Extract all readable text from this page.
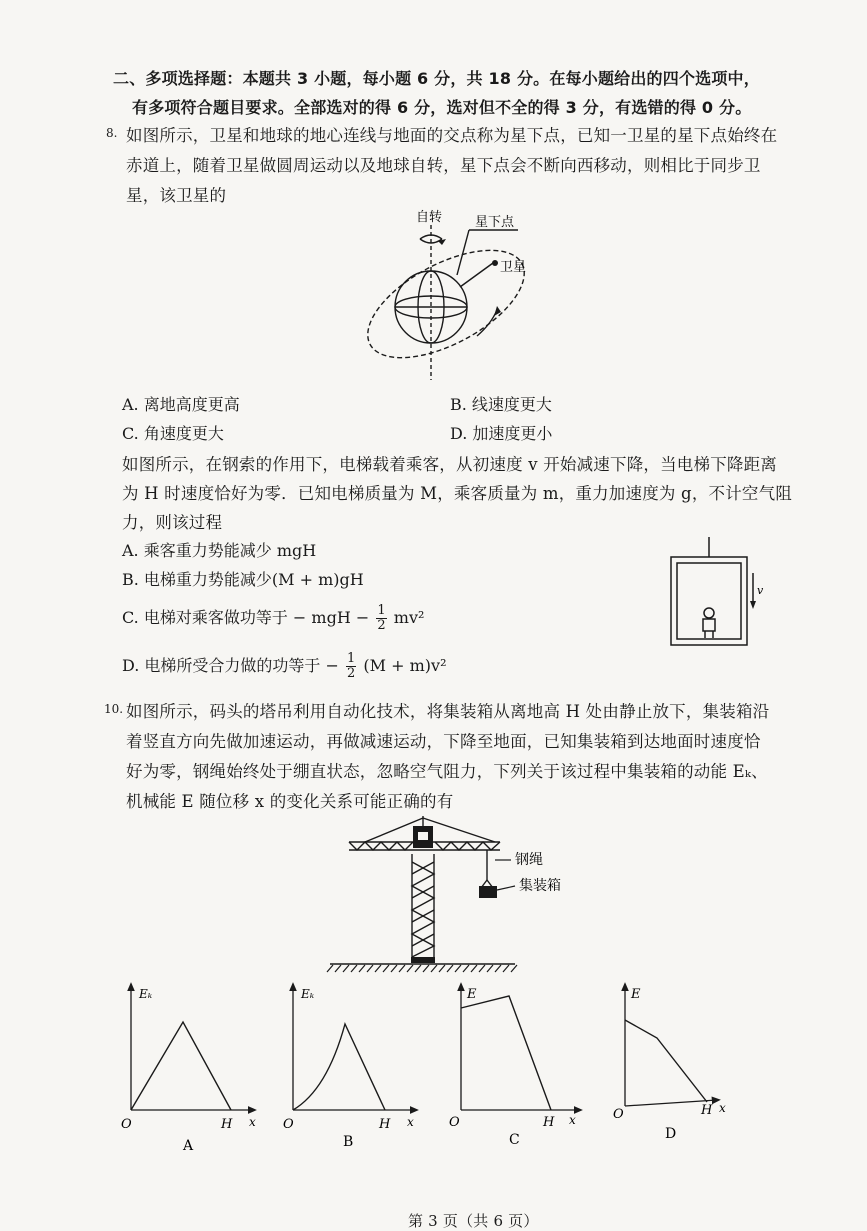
二、多项选择题：本题共 3 小题，每小题 6 分，共 18 分。在每小题给出的四个选项中，
有多项符合题目要求。全部选对的得 6 分，选对但不全的得 3 分，有选错的得 0 分。
8. 如图所示，卫星和地球的地心连线与地面的交点称为星下点，已知一卫星的星下点始终在
赤道上，随着卫星做圆周运动以及地球自转，星下点会不断向西移动，则相比于同步卫
星，该卫星的
自转	星下点
卫星
A. 离地高度更高	B. 线速度更大
C. 角速度更大	D. 加速度更小
如图所示，在钢索的作用下，电梯载着乘客，从初速度 v 开始减速下降，当电梯下降距离
为 H 时速度恰好为零．已知电梯质量为 M，乘客质量为 m，重力加速度为 g，不计空气阻
力，则该过程
A. 乘客重力势能减少 mgH
B. 电梯重力势能减少(M + m)gH
C. 电梯对乘客做功等于 − mgH − $\frac{1}{2} mv^2$
D. 电梯所受合力做的功等于 − $\frac{1}{2} (M + m)v^2$
v
10. 如图所示，码头的塔吊利用自动化技术，将集装箱从离地高 H 处由静止放下，集装箱沿
着竖直方向先做加速运动，再做减速运动，下降至地面，已知集装箱到达地面时速度恰
好为零，钢绳始终处于绷直状态，忽略空气阻力，下列关于该过程中集装箱的动能 Eₖ、
机械能 E 随位移 x 的变化关系可能正确的有
钢绳
集装箱
Eₖ
O	H x
A
Eₖ
O	H x
B
E
O	H x
C
E
O	H x
D
第 3 页（共 6 页）
